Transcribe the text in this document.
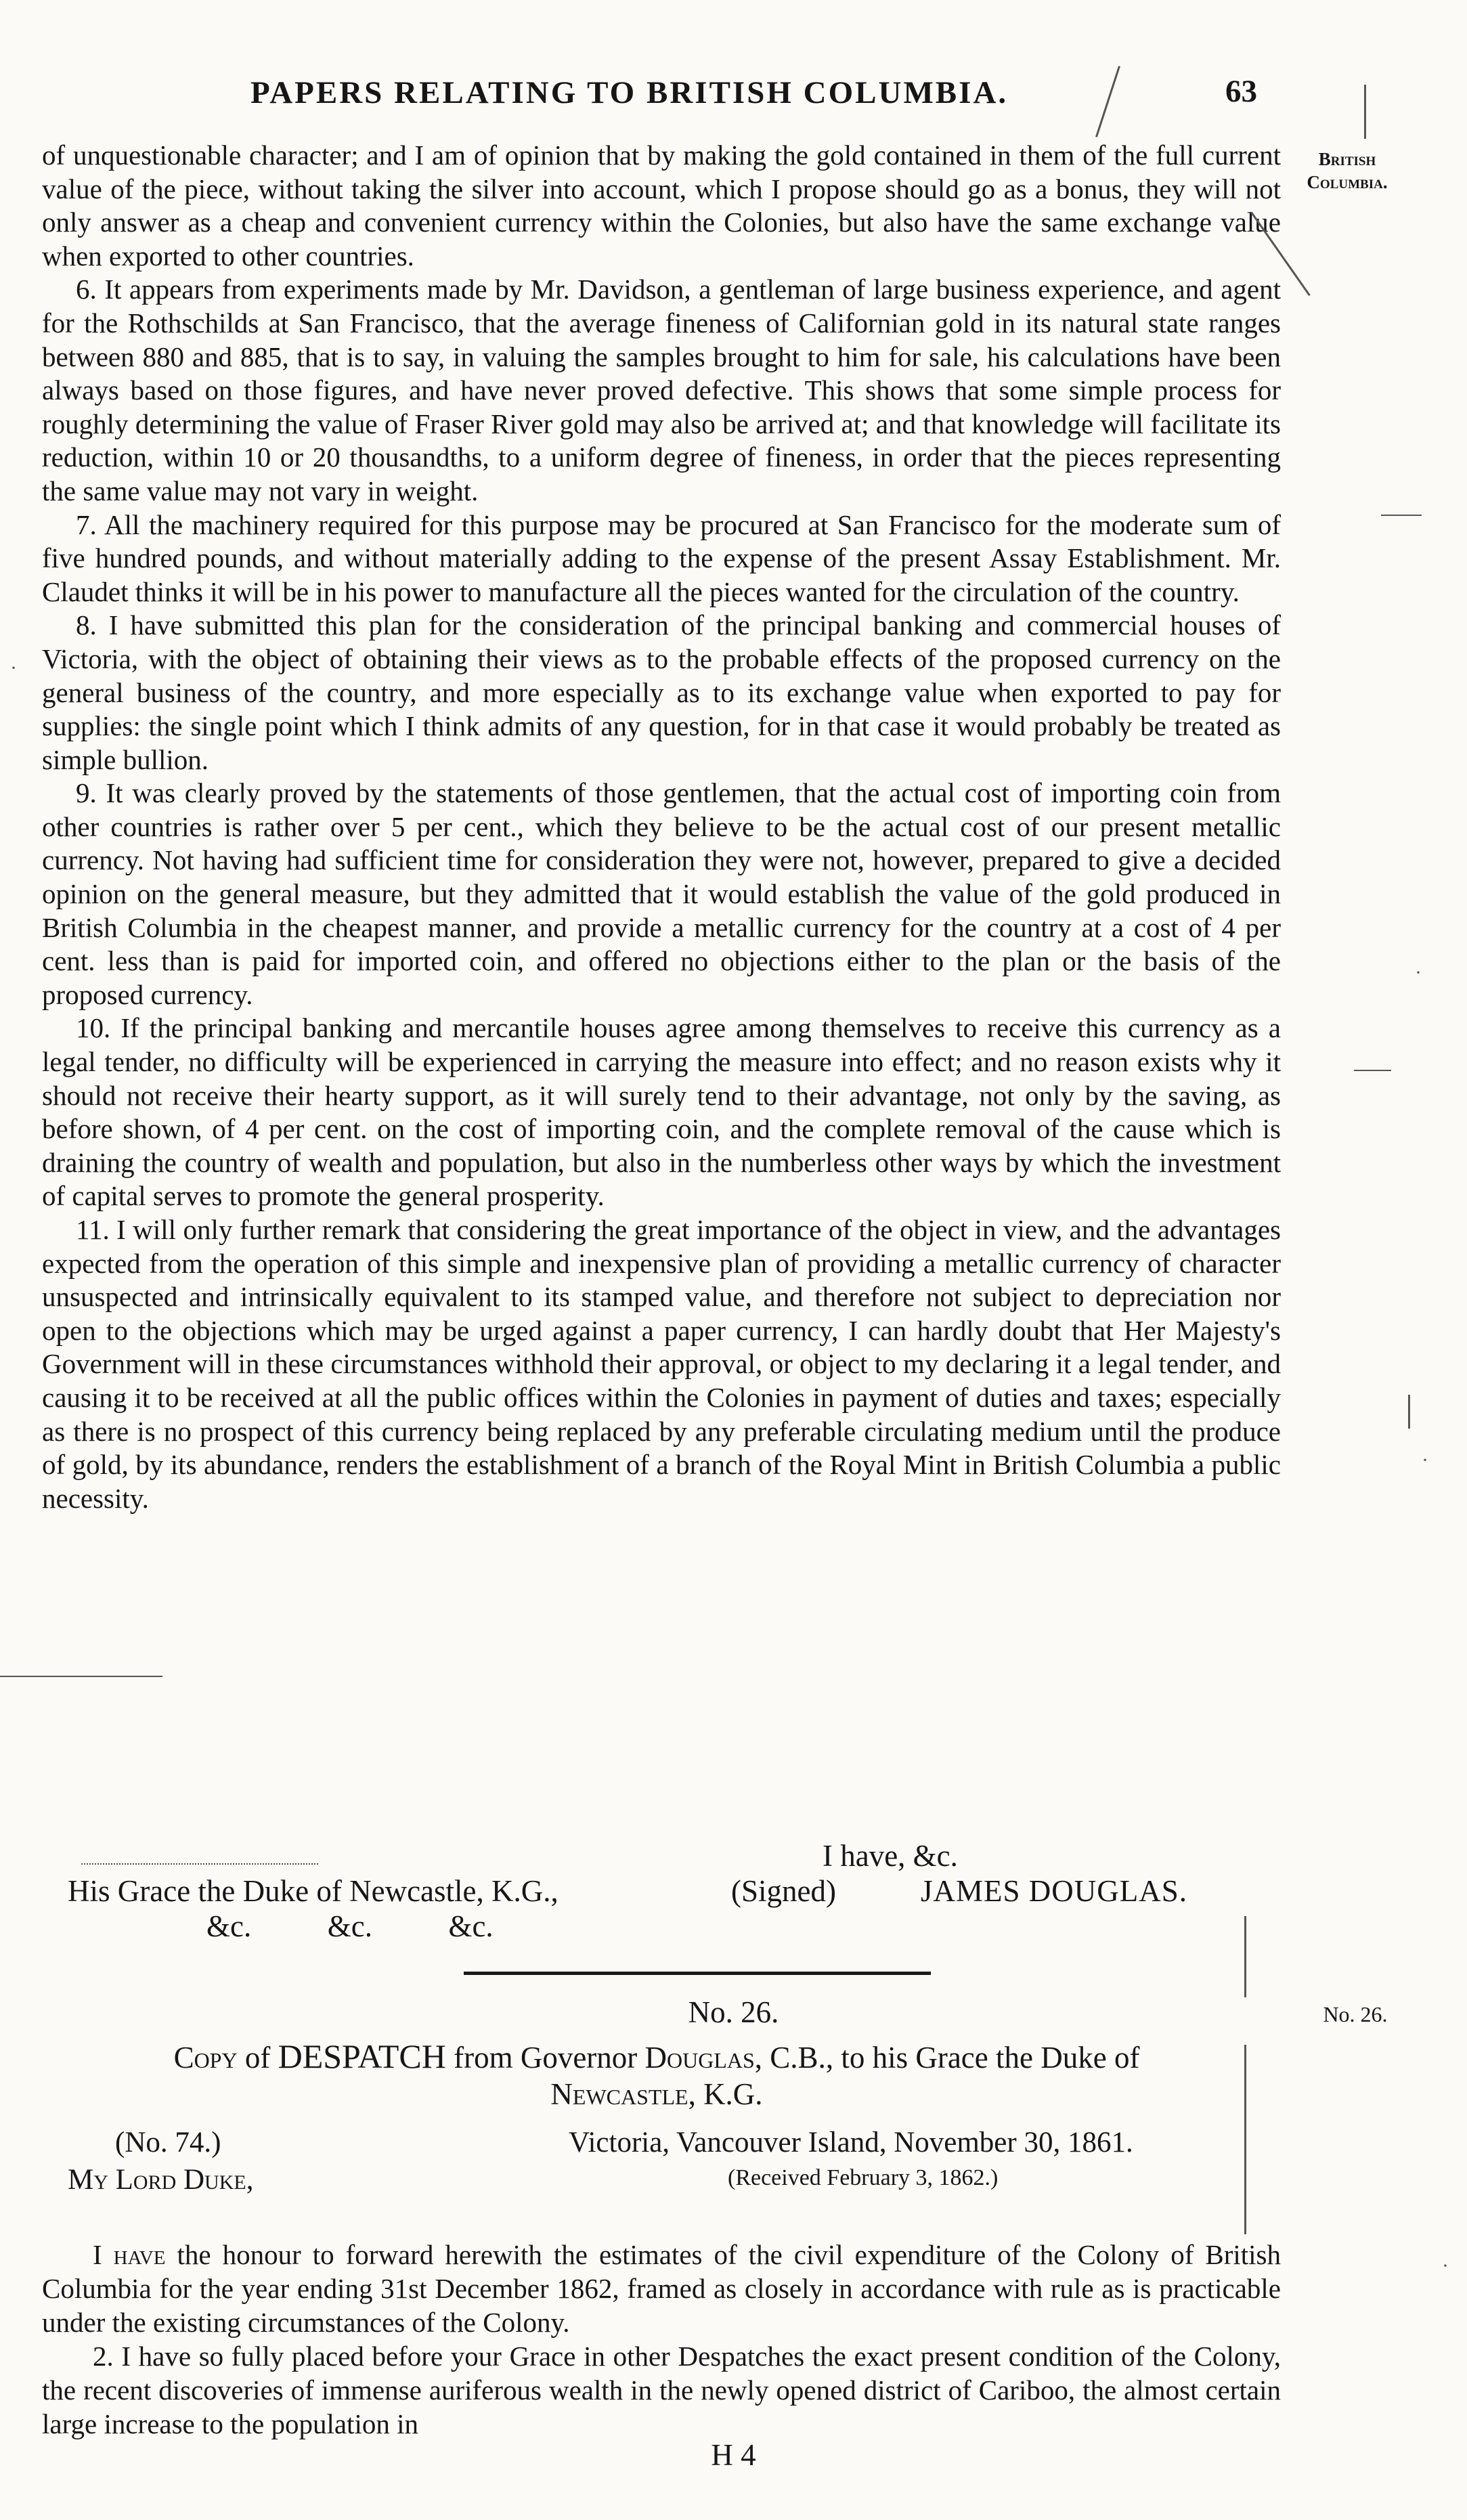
PAPERS RELATING TO BRITISH COLUMBIA.	63
British
Columbia.
No. 26.

of unquestionable character; and I am of opinion that by making the gold contained in them of the full current value of the piece, without taking the silver into account, which I propose should go as a bonus, they will not only answer as a cheap and convenient currency within the Colonies, but also have the same exchange value when exported to other countries.

6. It appears from experiments made by Mr. Davidson, a gentleman of large business experience, and agent for the Rothschilds at San Francisco, that the average fineness of Californian gold in its natural state ranges between 880 and 885, that is to say, in valuing the samples brought to him for sale, his calculations have been always based on those figures, and have never proved defective. This shows that some simple process for roughly determining the value of Fraser River gold may also be arrived at; and that knowledge will facilitate its reduction, within 10 or 20 thousandths, to a uniform degree of fineness, in order that the pieces representing the same value may not vary in weight.

7. All the machinery required for this purpose may be procured at San Francisco for the moderate sum of five hundred pounds, and without materially adding to the expense of the present Assay Establishment. Mr. Claudet thinks it will be in his power to manufacture all the pieces wanted for the circulation of the country.

8. I have submitted this plan for the consideration of the principal banking and commercial houses of Victoria, with the object of obtaining their views as to the probable effects of the proposed currency on the general business of the country, and more especially as to its exchange value when exported to pay for supplies: the single point which I think admits of any question, for in that case it would probably be treated as simple bullion.

9. It was clearly proved by the statements of those gentlemen, that the actual cost of importing coin from other countries is rather over 5 per cent., which they believe to be the actual cost of our present metallic currency. Not having had sufficient time for consideration they were not, however, prepared to give a decided opinion on the general measure, but they admitted that it would establish the value of the gold produced in British Columbia in the cheapest manner, and provide a metallic currency for the country at a cost of 4 per cent. less than is paid for imported coin, and offered no objections either to the plan or the basis of the proposed currency.

10. If the principal banking and mercantile houses agree among themselves to receive this currency as a legal tender, no difficulty will be experienced in carrying the measure into effect; and no reason exists why it should not receive their hearty support, as it will surely tend to their advantage, not only by the saving, as before shown, of 4 per cent. on the cost of importing coin, and the complete removal of the cause which is draining the country of wealth and population, but also in the numberless other ways by which the investment of capital serves to promote the general prosperity.

11. I will only further remark that considering the great importance of the object in view, and the advantages expected from the operation of this simple and inexpensive plan of providing a metallic currency of character unsuspected and intrinsically equivalent to its stamped value, and therefore not subject to depreciation nor open to the objections which may be urged against a paper currency, I can hardly doubt that Her Majesty's Government will in these circumstances withhold their approval, or object to my declaring it a legal tender, and causing it to be received at all the public offices within the Colonies in payment of duties and taxes; especially as there is no prospect of this currency being replaced by any preferable circulating medium until the produce of gold, by its abundance, renders the establishment of a branch of the Royal Mint in British Columbia a public necessity.

I have, &c.
His Grace the Duke of Newcastle, K.G.,	(Signed)	JAMES DOUGLAS.
&c.          &c.          &c.
No. 26.
Copy of DESPATCH from Governor Douglas, C.B., to his Grace the Duke of
Newcastle, K.G.
(No. 74.)	Victoria, Vancouver Island, November 30, 1861.
My Lord Duke,	(Received February 3, 1862.)

I have the honour to forward herewith the estimates of the civil expenditure of the Colony of British Columbia for the year ending 31st December 1862, framed as closely in accordance with rule as is practicable under the existing circumstances of the Colony.

2. I have so fully placed before your Grace in other Despatches the exact present condition of the Colony, the recent discoveries of immense auriferous wealth in the newly opened district of Cariboo, the almost certain large increase to the population in

H 4
·
·
·
·
